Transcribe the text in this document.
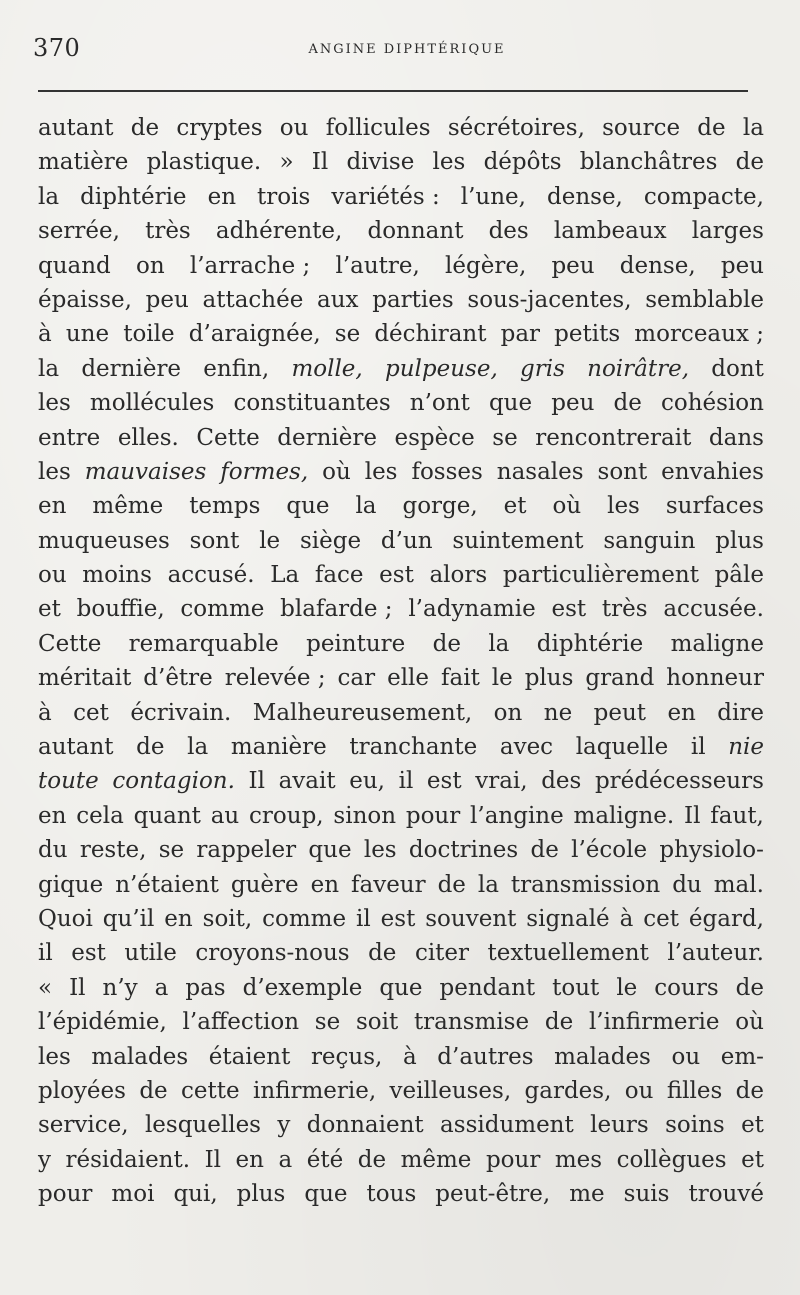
370	ANGINE DIPHTÉRIQUE
autant de cryptes ou follicules sécrétoires, source de la
matière plastique. » Il divise les dépôts blanchâtres de
la diphtérie en trois variétés : l’une, dense, compacte,
serrée, très adhérente, donnant des lambeaux larges
quand on l’arrache ; l’autre, légère, peu dense, peu
épaisse, peu attachée aux parties sous-jacentes, semblable
à une toile d’araignée, se déchirant par petits morceaux ;
la dernière enfin, molle, pulpeuse, gris noirâtre, dont
les mollécules constituantes n’ont que peu de cohésion
entre elles. Cette dernière espèce se rencontrerait dans
les mauvaises formes, où les fosses nasales sont envahies
en même temps que la gorge, et où les surfaces
muqueuses sont le siège d’un suintement sanguin plus
ou moins accusé. La face est alors particulièrement pâle
et bouffie, comme blafarde ; l’adynamie est très accusée.
Cette remarquable peinture de la diphtérie maligne
méritait d’être relevée ; car elle fait le plus grand honneur
à cet écrivain. Malheureusement, on ne peut en dire
autant de la manière tranchante avec laquelle il nie
toute contagion. Il avait eu, il est vrai, des prédécesseurs
en cela quant au croup, sinon pour l’angine maligne. Il faut,
du reste, se rappeler que les doctrines de l’école physiolo-
gique n’étaient guère en faveur de la transmission du mal.
Quoi qu’il en soit, comme il est souvent signalé à cet égard,
il est utile croyons-nous de citer textuellement l’auteur.
« Il n’y a pas d’exemple que pendant tout le cours de
l’épidémie, l’affection se soit transmise de l’infirmerie où
les malades étaient reçus, à d’autres malades ou em-
ployées de cette infirmerie, veilleuses, gardes, ou filles de
service, lesquelles y donnaient assidument leurs soins et
y résidaient. Il en a été de même pour mes collègues et
pour moi qui, plus que tous peut-être, me suis trouvé
